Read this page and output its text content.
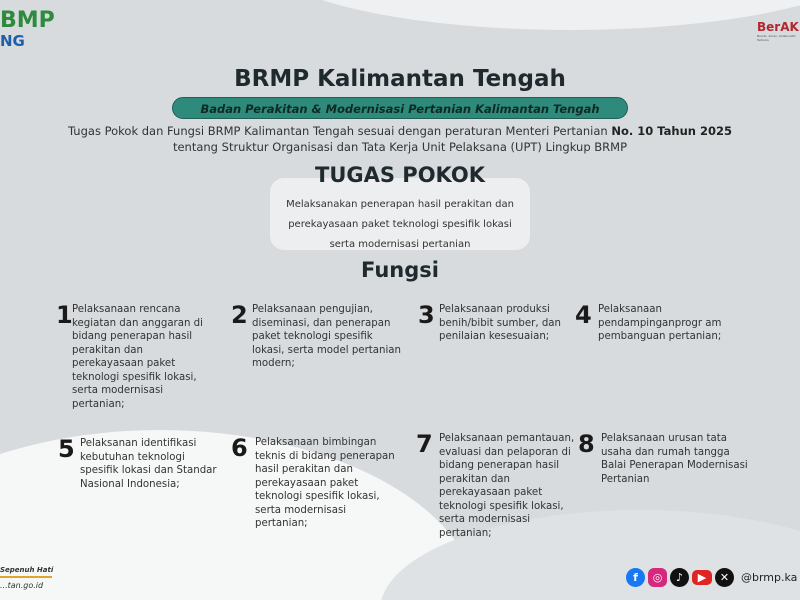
BMP
NG
BerAK
Bersih, Aman, Kolaboratif, Terbuka
BRMP Kalimantan Tengah
Badan Perakitan & Modernisasi Pertanian Kalimantan Tengah
Tugas Pokok dan Fungsi BRMP Kalimantan Tengah sesuai dengan peraturan Menteri Pertanian No. 10 Tahun 2025 tentang Struktur Organisasi dan Tata Kerja Unit Pelaksana (UPT) Lingkup BRMP
Melaksanakan penerapan hasil perakitan dan perekayasaan paket teknologi spesifik lokasi serta modernisasi pertanian
TUGAS POKOK
Fungsi
1 Pelaksanaan rencana kegiatan dan anggaran di bidang penerapan hasil perakitan dan perekayasaan paket teknologi spesifik lokasi, serta modernisasi pertanian;
2 Pelaksanaan pengujian, diseminasi, dan penerapan paket teknologi spesifik lokasi, serta model pertanian modern;
3 Pelaksanaan produksi benih/bibit sumber, dan penilaian kesesuaian;
4 Pelaksanaan pendampinganprogr am pembanguan pertanian;
5 Pelaksanan identifikasi kebutuhan teknologi spesifik lokasi dan Standar Nasional Indonesia;
6 Pelaksanaan bimbingan teknis di bidang penerapan hasil perakitan dan perekayasaan paket teknologi spesifik lokasi, serta modernisasi pertanian;
7 Pelaksanaan pemantauan, evaluasi dan pelaporan di bidang penerapan hasil perakitan dan perekayasaan paket teknologi spesifik lokasi, serta modernisasi pertanian;
8 Pelaksanaan urusan tata usaha dan rumah tangga Balai Penerapan Modernisasi Pertanian
Sepenuh Hati
...tan.go.id
f	◎	♪	▶	✕	@brmp.ka
